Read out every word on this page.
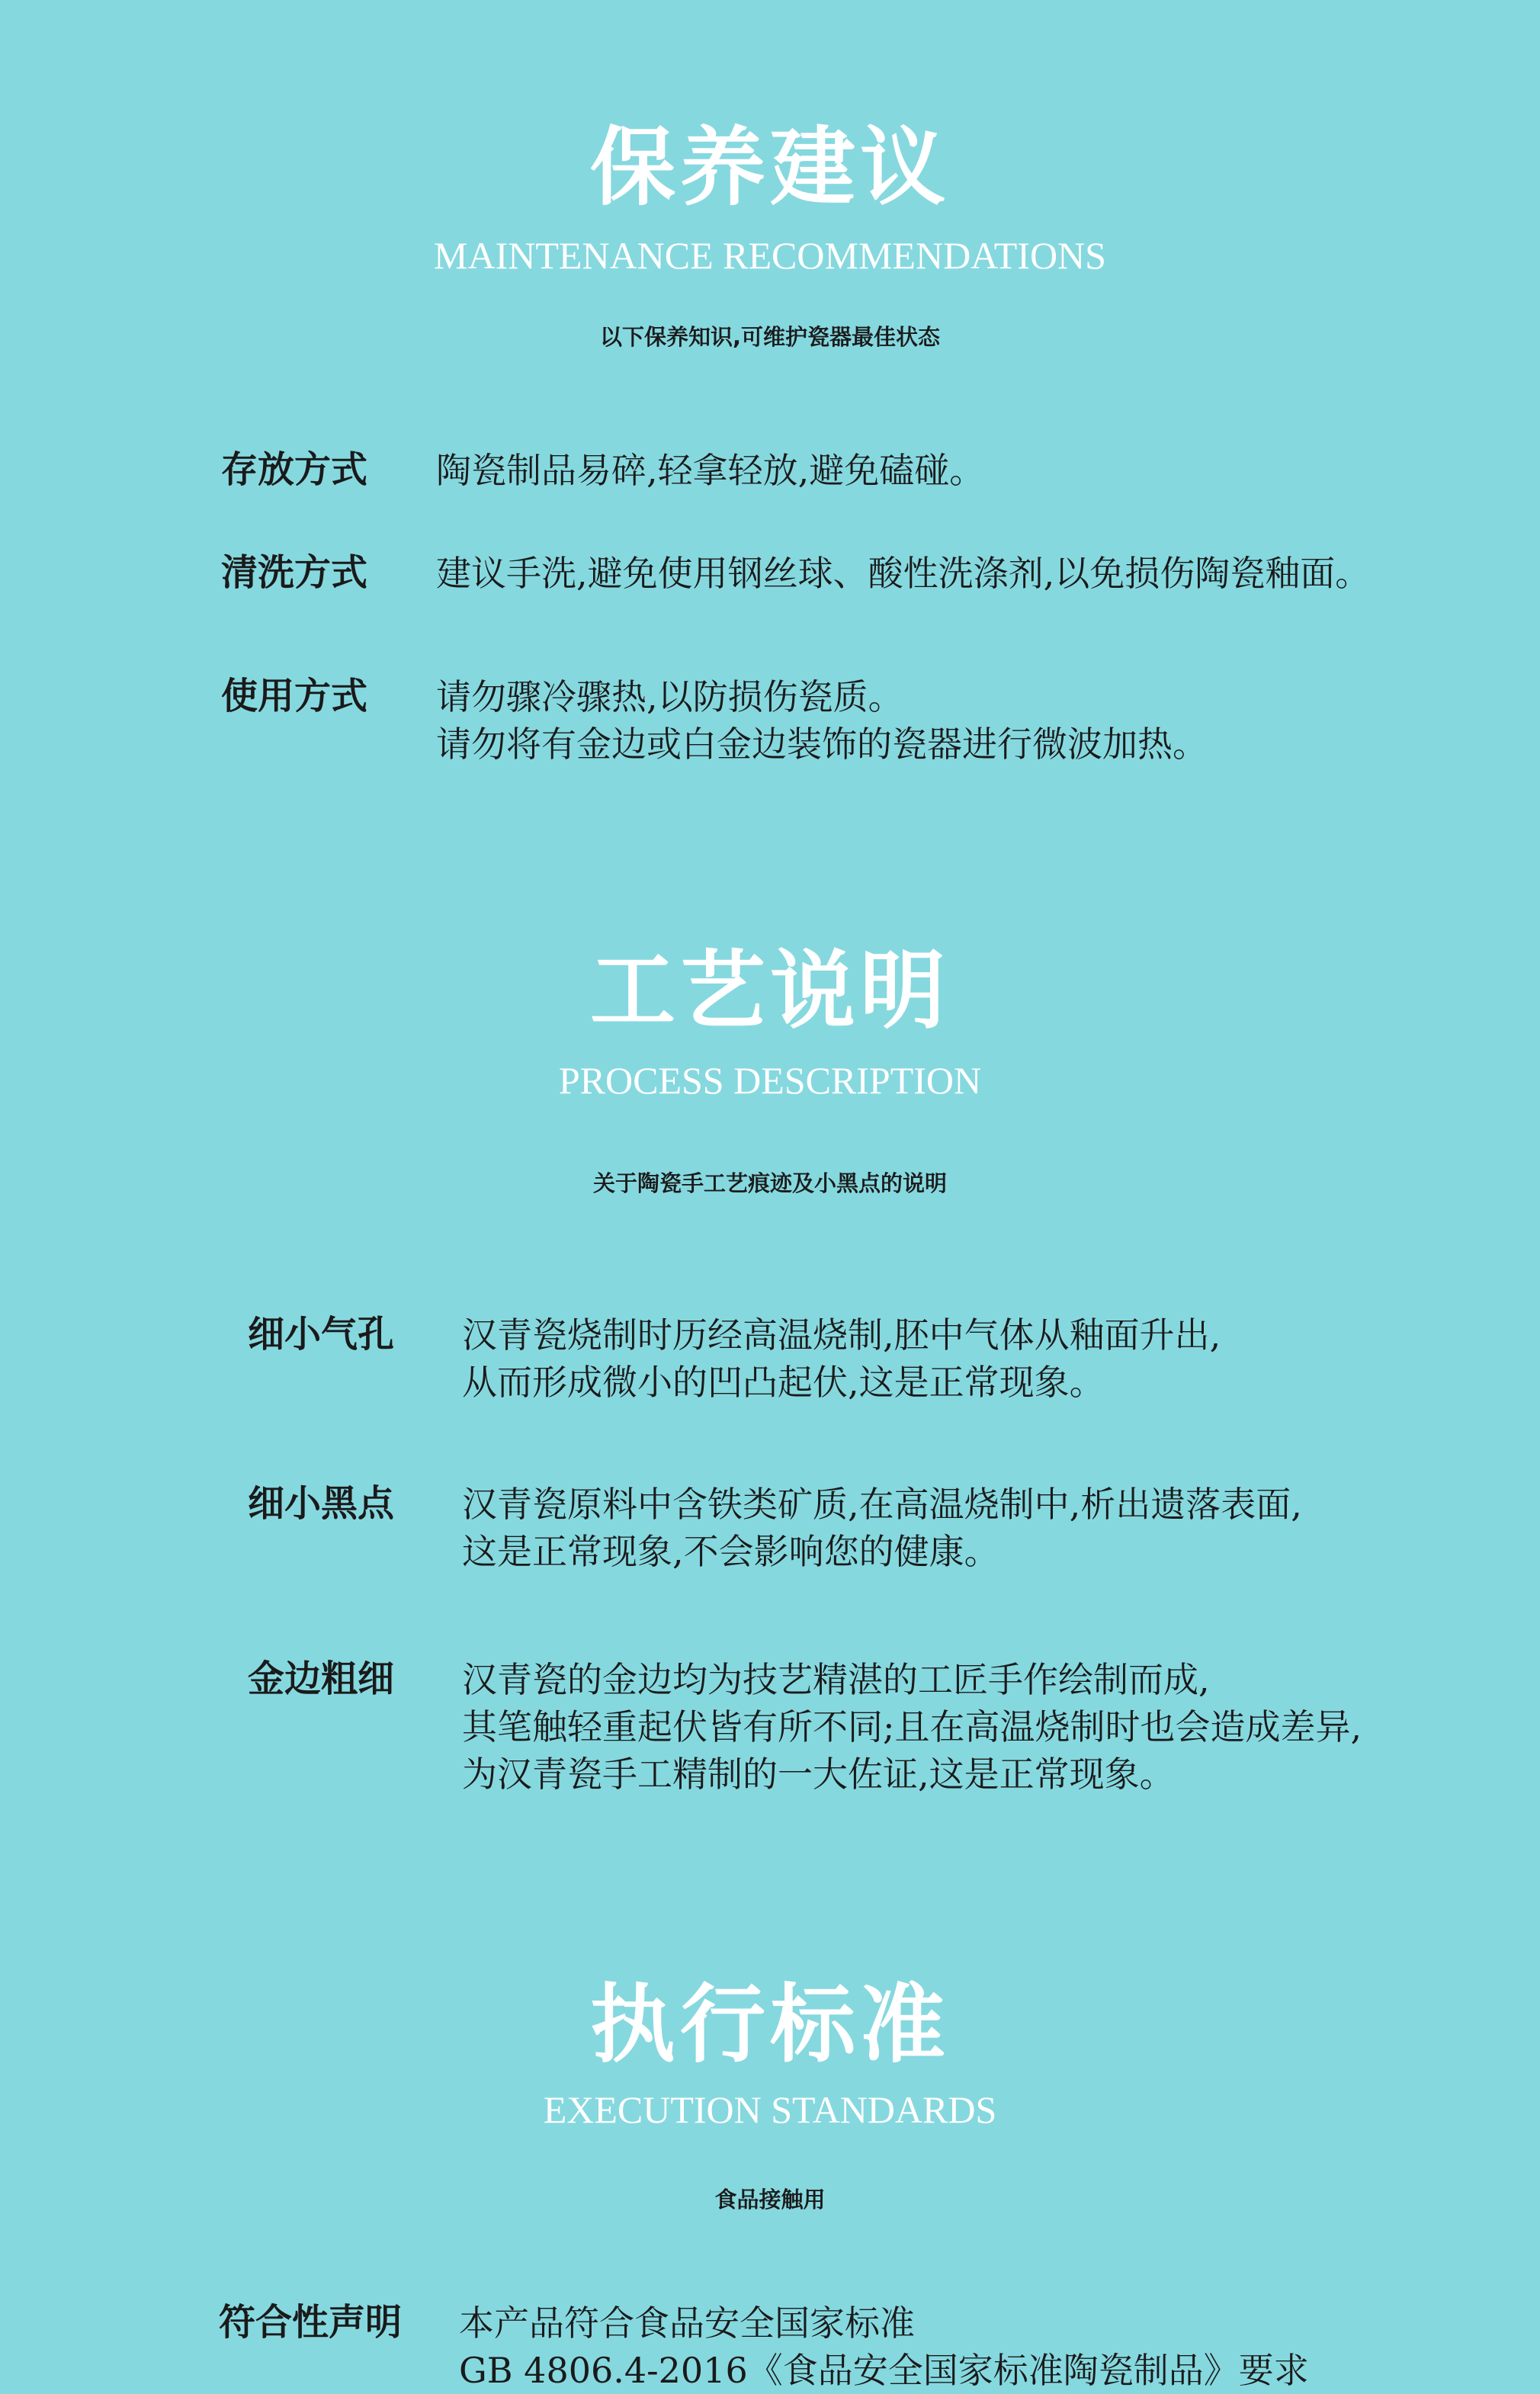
保养建议
MAINTENANCE RECOMMENDATIONS
以下保养知识,可维护瓷器最佳状态
存放方式 陶瓷制品易碎,轻拿轻放,避免磕碰。
清洗方式 建议手洗,避免使用钢丝球、酸性洗涤剂,以免损伤陶瓷釉面。
使用方式 请勿骤冷骤热,以防损伤瓷质。
请勿将有金边或白金边装饰的瓷器进行微波加热。
工艺说明
PROCESS DESCRIPTION
关于陶瓷手工艺痕迹及小黑点的说明
细小气孔 汉青瓷烧制时历经高温烧制,胚中气体从釉面升出,
从而形成微小的凹凸起伏,这是正常现象。
细小黑点 汉青瓷原料中含铁类矿质,在高温烧制中,析出遗落表面,
这是正常现象,不会影响您的健康。
金边粗细 汉青瓷的金边均为技艺精湛的工匠手作绘制而成,
其笔触轻重起伏皆有所不同;且在高温烧制时也会造成差异,
为汉青瓷手工精制的一大佐证,这是正常现象。
执行标准
EXECUTION STANDARDS
食品接触用
符合性声明 本产品符合食品安全国家标准
GB 4806.4-2016《食品安全国家标准陶瓷制品》要求
